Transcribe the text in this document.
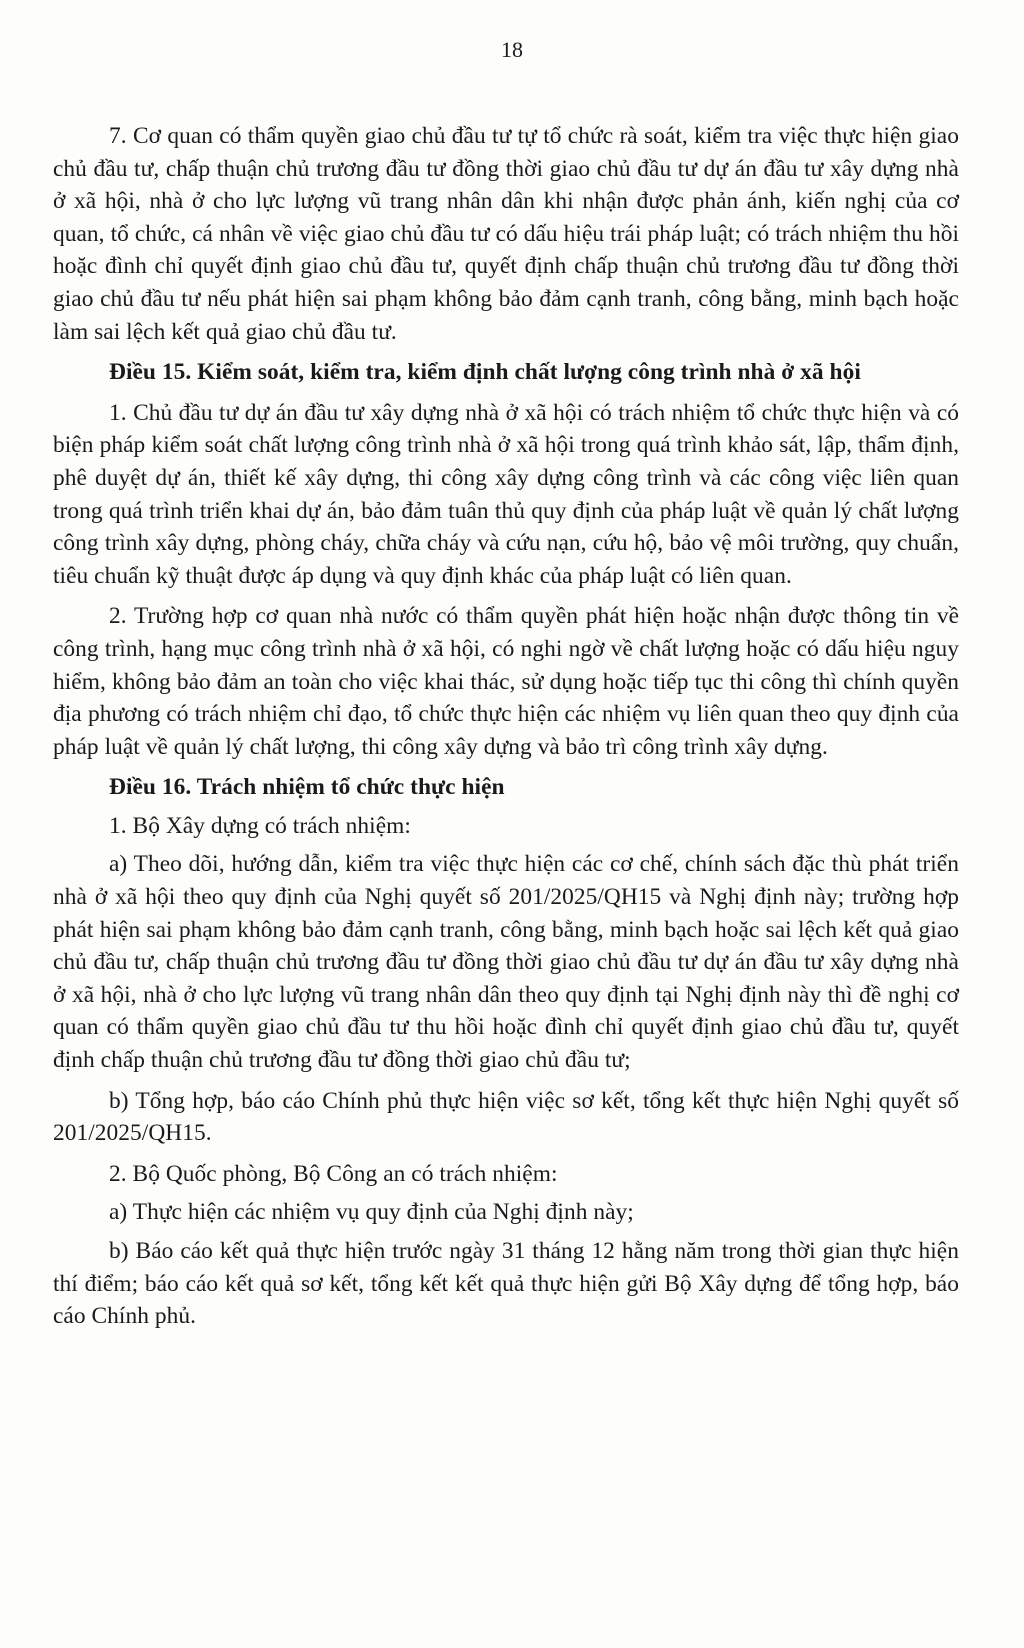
18

7. Cơ quan có thẩm quyền giao chủ đầu tư tự tổ chức rà soát, kiểm tra việc thực hiện giao chủ đầu tư, chấp thuận chủ trương đầu tư đồng thời giao chủ đầu tư dự án đầu tư xây dựng nhà ở xã hội, nhà ở cho lực lượng vũ trang nhân dân khi nhận được phản ánh, kiến nghị của cơ quan, tổ chức, cá nhân về việc giao chủ đầu tư có dấu hiệu trái pháp luật; có trách nhiệm thu hồi hoặc đình chỉ quyết định giao chủ đầu tư, quyết định chấp thuận chủ trương đầu tư đồng thời giao chủ đầu tư nếu phát hiện sai phạm không bảo đảm cạnh tranh, công bằng, minh bạch hoặc làm sai lệch kết quả giao chủ đầu tư.

Điều 15. Kiểm soát, kiểm tra, kiểm định chất lượng công trình nhà ở xã hội

1. Chủ đầu tư dự án đầu tư xây dựng nhà ở xã hội có trách nhiệm tổ chức thực hiện và có biện pháp kiểm soát chất lượng công trình nhà ở xã hội trong quá trình khảo sát, lập, thẩm định, phê duyệt dự án, thiết kế xây dựng, thi công xây dựng công trình và các công việc liên quan trong quá trình triển khai dự án, bảo đảm tuân thủ quy định của pháp luật về quản lý chất lượng công trình xây dựng, phòng cháy, chữa cháy và cứu nạn, cứu hộ, bảo vệ môi trường, quy chuẩn, tiêu chuẩn kỹ thuật được áp dụng và quy định khác của pháp luật có liên quan.

2. Trường hợp cơ quan nhà nước có thẩm quyền phát hiện hoặc nhận được thông tin về công trình, hạng mục công trình nhà ở xã hội, có nghi ngờ về chất lượng hoặc có dấu hiệu nguy hiểm, không bảo đảm an toàn cho việc khai thác, sử dụng hoặc tiếp tục thi công thì chính quyền địa phương có trách nhiệm chỉ đạo, tổ chức thực hiện các nhiệm vụ liên quan theo quy định của pháp luật về quản lý chất lượng, thi công xây dựng và bảo trì công trình xây dựng.

Điều 16. Trách nhiệm tổ chức thực hiện

1. Bộ Xây dựng có trách nhiệm:

a) Theo dõi, hướng dẫn, kiểm tra việc thực hiện các cơ chế, chính sách đặc thù phát triển nhà ở xã hội theo quy định của Nghị quyết số 201/2025/QH15 và Nghị định này; trường hợp phát hiện sai phạm không bảo đảm cạnh tranh, công bằng, minh bạch hoặc sai lệch kết quả giao chủ đầu tư, chấp thuận chủ trương đầu tư đồng thời giao chủ đầu tư dự án đầu tư xây dựng nhà ở xã hội, nhà ở cho lực lượng vũ trang nhân dân theo quy định tại Nghị định này thì đề nghị cơ quan có thẩm quyền giao chủ đầu tư thu hồi hoặc đình chỉ quyết định giao chủ đầu tư, quyết định chấp thuận chủ trương đầu tư đồng thời giao chủ đầu tư;

b) Tổng hợp, báo cáo Chính phủ thực hiện việc sơ kết, tổng kết thực hiện Nghị quyết số 201/2025/QH15.

2. Bộ Quốc phòng, Bộ Công an có trách nhiệm:

a) Thực hiện các nhiệm vụ quy định của Nghị định này;

b) Báo cáo kết quả thực hiện trước ngày 31 tháng 12 hằng năm trong thời gian thực hiện thí điểm; báo cáo kết quả sơ kết, tổng kết kết quả thực hiện gửi Bộ Xây dựng để tổng hợp, báo cáo Chính phủ.
